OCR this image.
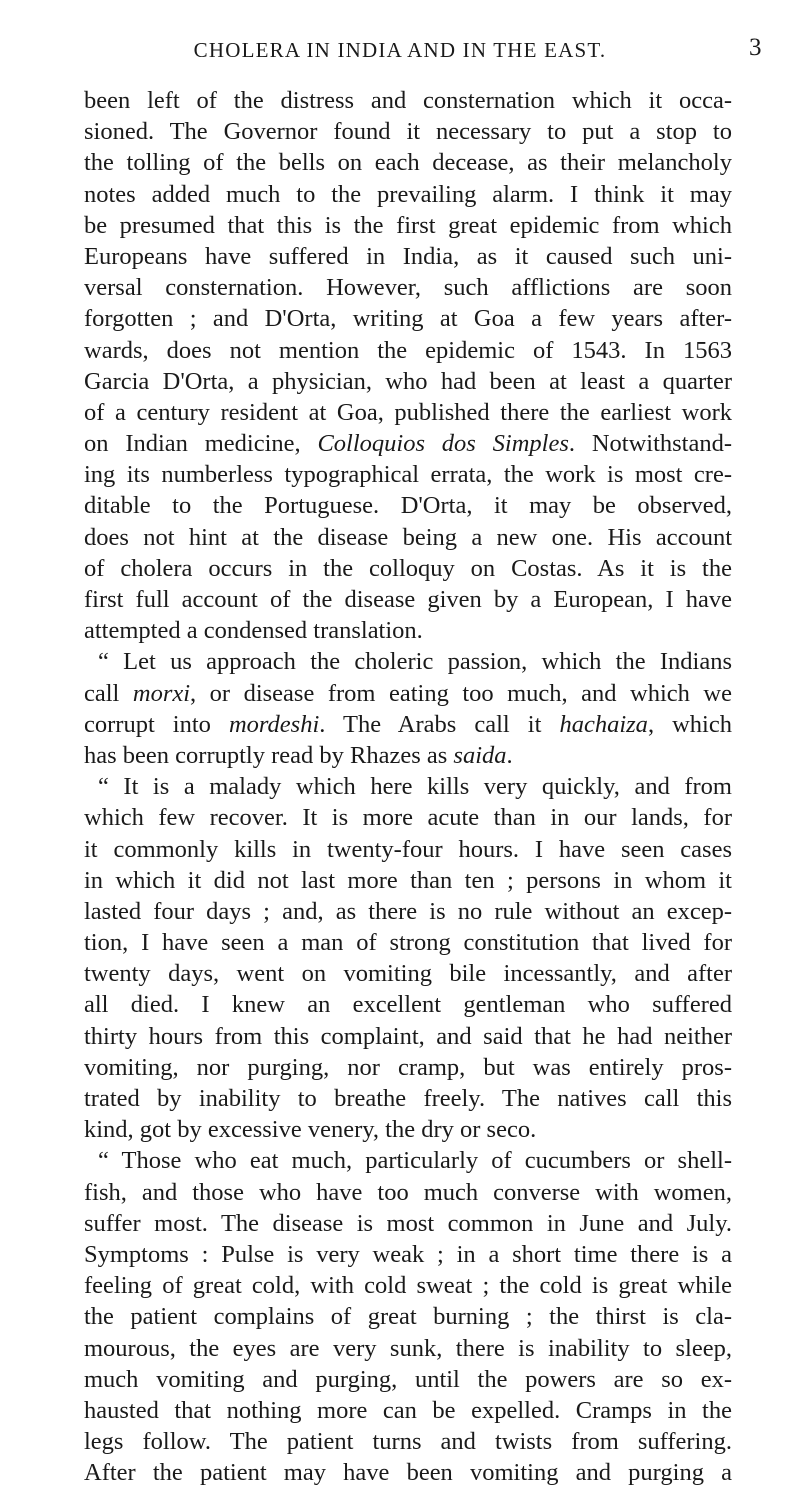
CHOLERA IN INDIA AND IN THE EAST.	3
been left of the distress and consternation which it occa-
sioned. The Governor found it necessary to put a stop to
the tolling of the bells on each decease, as their melancholy
notes added much to the prevailing alarm. I think it may
be presumed that this is the first great epidemic from which
Europeans have suffered in India, as it caused such uni-
versal consternation. However, such afflictions are soon
forgotten ; and D'Orta, writing at Goa a few years after-
wards, does not mention the epidemic of 1543. In 1563
Garcia D'Orta, a physician, who had been at least a quarter
of a century resident at Goa, published there the earliest work
on Indian medicine, Colloquios dos Simples. Notwithstand-
ing its numberless typographical errata, the work is most cre-
ditable to the Portuguese. D'Orta, it may be observed,
does not hint at the disease being a new one. His account
of cholera occurs in the colloquy on Costas. As it is the
first full account of the disease given by a European, I have
attempted a condensed translation.
“ Let us approach the choleric passion, which the Indians
call morxi, or disease from eating too much, and which we
corrupt into mordeshi. The Arabs call it hachaiza, which
has been corruptly read by Rhazes as saida.
“ It is a malady which here kills very quickly, and from
which few recover. It is more acute than in our lands, for
it commonly kills in twenty-four hours. I have seen cases
in which it did not last more than ten ; persons in whom it
lasted four days ; and, as there is no rule without an excep-
tion, I have seen a man of strong constitution that lived for
twenty days, went on vomiting bile incessantly, and after
all died. I knew an excellent gentleman who suffered
thirty hours from this complaint, and said that he had neither
vomiting, nor purging, nor cramp, but was entirely pros-
trated by inability to breathe freely. The natives call this
kind, got by excessive venery, the dry or seco.
“ Those who eat much, particularly of cucumbers or shell-
fish, and those who have too much converse with women,
suffer most. The disease is most common in June and July.
Symptoms : Pulse is very weak ; in a short time there is a
feeling of great cold, with cold sweat ; the cold is great while
the patient complains of great burning ; the thirst is cla-
mourous, the eyes are very sunk, there is inability to sleep,
much vomiting and purging, until the powers are so ex-
hausted that nothing more can be expelled. Cramps in the
legs follow. The patient turns and twists from suffering.
After the patient may have been vomiting and purging a
